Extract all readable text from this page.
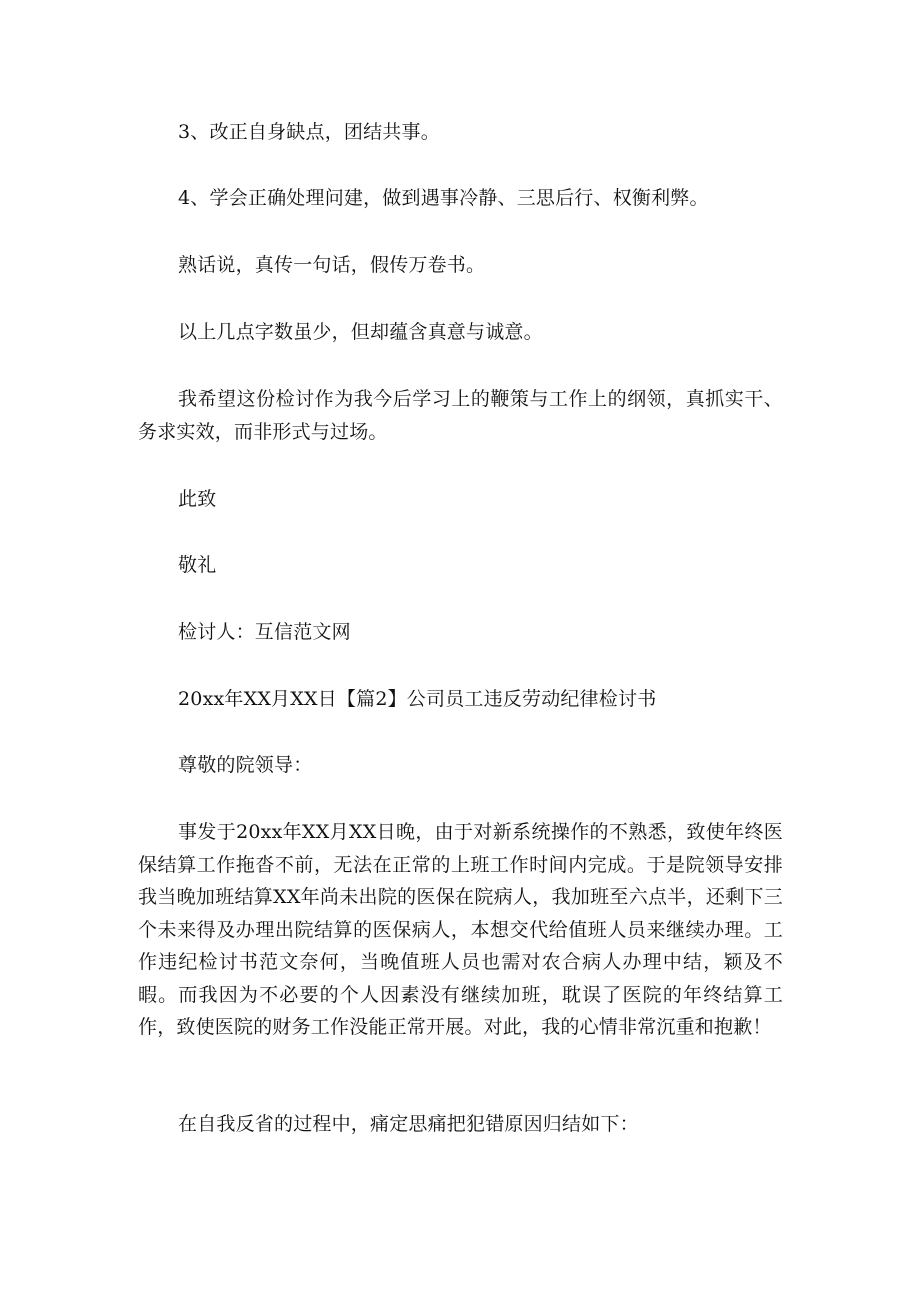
3、改正自身缺点，团结共事。
4、学会正确处理问建，做到遇事冷静、三思后行、权衡利弊。
熟话说，真传一句话，假传万卷书。
以上几点字数虽少，但却蕴含真意与诚意。
我希望这份检讨作为我今后学习上的鞭策与工作上的纲领，真抓实干、务求实效，而非形式与过场。
此致
敬礼
检讨人：互信范文网
20xx年XX月XX日【篇2】公司员工违反劳动纪律检讨书
尊敬的院领导：
事发于20xx年XX月XX日晚，由于对新系统操作的不熟悉，致使年终医保结算工作拖沓不前，无法在正常的上班工作时间内完成。于是院领导安排我当晚加班结算XX年尚未出院的医保在院病人，我加班至六点半，还剩下三个未来得及办理出院结算的医保病人，本想交代给值班人员来继续办理。工作违纪检讨书范文奈何，当晚值班人员也需对农合病人办理中结，颖及不暇。而我因为不必要的个人因素没有继续加班，耽误了医院的年终结算工作，致使医院的财务工作没能正常开展。对此，我的心情非常沉重和抱歉！
在自我反省的过程中，痛定思痛把犯错原因归结如下：
